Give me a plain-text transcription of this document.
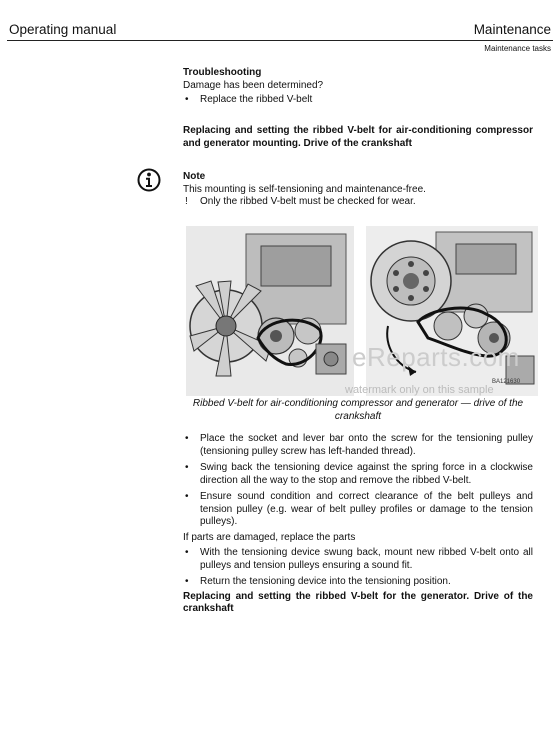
Operating manual	Maintenance
Maintenance tasks
Troubleshooting
Damage has been determined?
• Replace the ribbed V-belt
Replacing and setting the ribbed V-belt for air-conditioning compressor and generator mounting. Drive of the crankshaft
Note
This mounting is self-tensioning and maintenance-free.
! Only the ribbed V-belt must be checked for wear.
BA121630
eReparts.com
watermark only on this sample
Ribbed V-belt for air-conditioning compressor and generator — drive of the crankshaft
• Place the socket and lever bar onto the screw for the tensioning pulley (tensioning pulley screw has left-handed thread).
• Swing back the tensioning device against the spring force in a clockwise direction all the way to the stop and remove the ribbed V-belt.
• Ensure sound condition and correct clearance of the belt pulleys and tension pulley (e.g. wear of belt pulley profiles or damage to the tension pulleys).
If parts are damaged, replace the parts
• With the tensioning device swung back, mount new ribbed V-belt onto all pulleys and tension pulleys ensuring a sound fit.
• Return the tensioning device into the tensioning position.
Replacing and setting the ribbed V-belt for the generator. Drive of the crankshaft
